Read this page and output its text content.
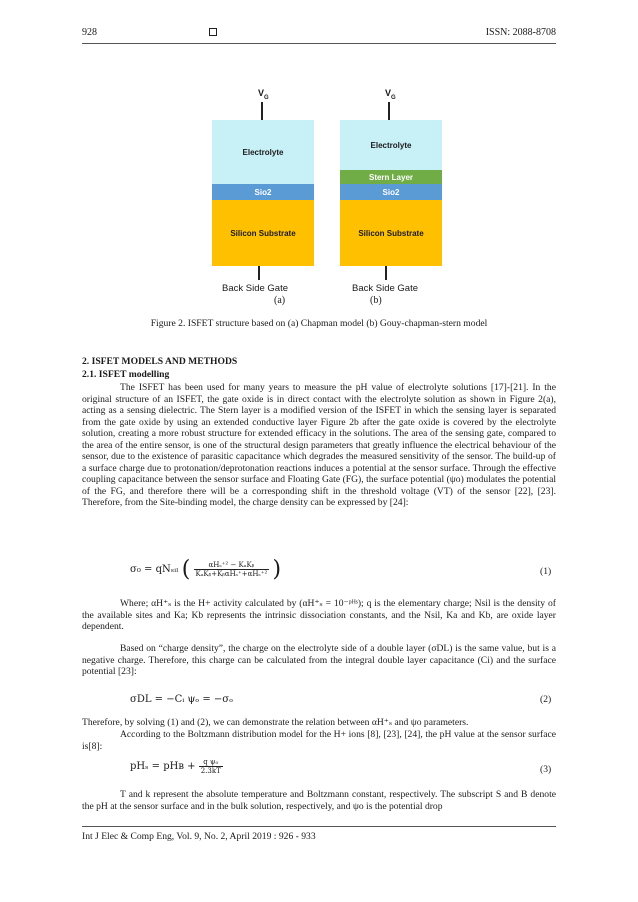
928	ISSN: 2088-8708
$V_G$
Electrolyte
Sio2
Silicon Substrate
Back Side Gate
(a)
$V_G$
Electrolyte
Stern Layer
Sio2
Silicon Substrate
Back Side Gate
(b)
Figure 2. ISFET structure based on (a) Chapman model (b) Gouy-chapman-stern model
2. ISFET MODELS AND METHODS
2.1. ISFET modelling

The ISFET has been used for many years to measure the pH value of electrolyte solutions [17]-[21]. In the original structure of an ISFET, the gate oxide is in direct contact with the electrolyte solution as shown in Figure 2(a), acting as a sensing dielectric. The Stern layer is a modified version of the ISFET in which the sensing layer is separated from the gate oxide by using an extended conductive layer Figure 2b after the gate oxide is covered by the electrolyte solution, creating a more robust structure for extended efficacy in the solutions. The area of the sensing gate, compared to the area of the entire sensor, is one of the structural design parameters that greatly influence the electrical behaviour of the sensor, due to the existence of parasitic capacitance which degrades the measured sensitivity of the sensor. The build-up of a surface charge due to protonation/deprotonation reactions induces a potential at the sensor surface. Through the effective coupling capacitance between the sensor surface and Floating Gate (FG), the surface potential (ψo) modulates the potential of the FG, and therefore there will be a corresponding shift in the threshold voltage (VT) of the sensor [22], [23]. Therefore, from the Site-binding model, the charge density can be expressed by [24]:

σ₀ = qNₛᵢₗ ( $\frac{\text{αHₛ⁺² − KₐKᵦ}}{\text{KₐKᵦ+KᵦαHₛ⁺+αHₛ⁺²}}$ )	(1)

Where; αH⁺ₛ is the H+ activity calculated by (αH⁺ₛ = 10⁻ᵖᴴˢ); q is the elementary charge; Nsil is the density of the available sites and Ka; Kb represents the intrinsic dissociation constants, and the Nsil, Ka and Kb, are oxide layer dependent.

Based on “charge density”, the charge on the electrolyte side of a double layer (σDL) is the same value, but is a negative charge. Therefore, this charge can be calculated from the integral double layer capacitance (Ci) and the surface potential [23]:

σDL = −Cᵢ ψₒ = −σₒ	(2)

Therefore, by solving (1) and (2), we can demonstrate the relation between αH⁺ₛ and ψo parameters.

According to the Boltzmann distribution model for the H+ ions [8], [23], [24], the pH value at the sensor surface is[8]:

pHₛ = pHʙ + $\frac{\text{q ψ₀}}{2.3kT}$	(3)

T and k represent the absolute temperature and Boltzmann constant, respectively. The subscript S and B denote the pH at the sensor surface and in the bulk solution, respectively, and ψo is the potential drop

Int J Elec & Comp Eng, Vol. 9, No. 2, April 2019 : 926 - 933
